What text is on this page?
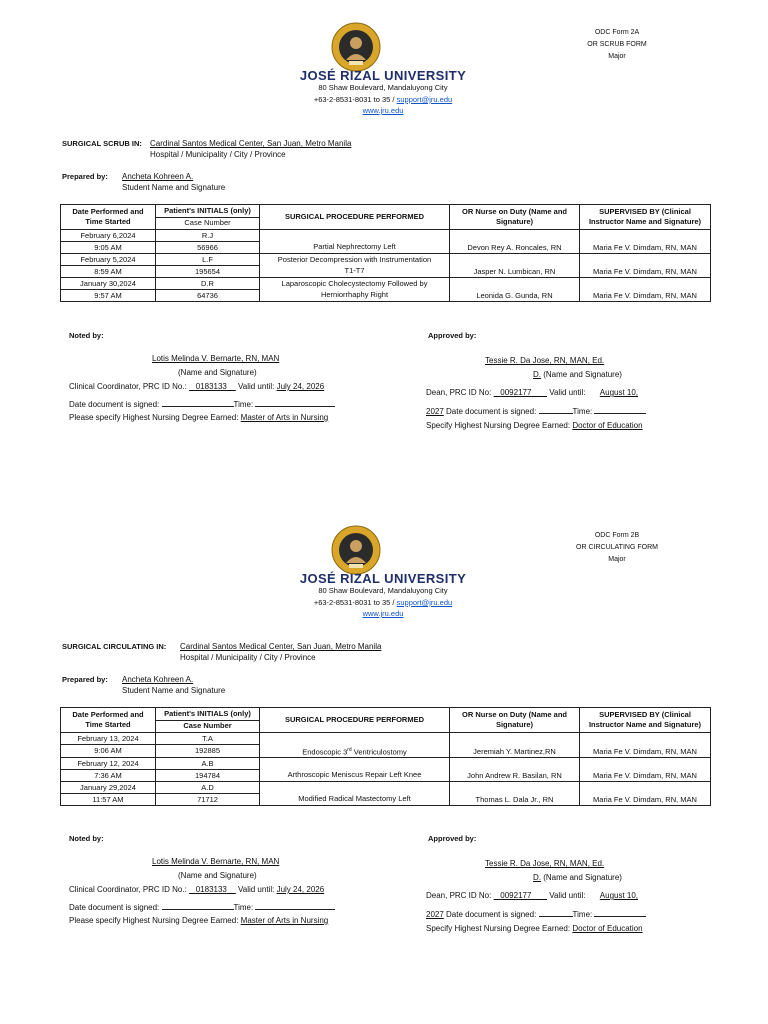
ODC Form 2A
OR SCRUB FORM
Major
JOSÉ RIZAL UNIVERSITY
80 Shaw Boulevard, Mandaluyong City
+63-2-8531-8031 to 35 / support@jru.edu
www.jru.edu
SURGICAL SCRUB IN: Cardinal Santos Medical Center, San Juan, Metro Manila
Hospital / Municipality / City / Province
Prepared by: Ancheta Kohreen A.
Student Name and Signature
Date Performed and Time Started	Patient's INITIALS (only)	SURGICAL PROCEDURE PERFORMED	OR Nurse on Duty (Name and Signature)	SUPERVISED BY (Clinical Instructor Name and Signature)
	Case Number			
February 6,2024	R.J		Devon Rey A. Roncales, RN	Maria Fe V. Dimdam, RN, MAN
9:05 AM	56966	Partial Nephrectomy Left		
February 5,2024	L.F	Posterior Decompression with Instrumentation	Jasper N. Lumbican, RN	Maria Fe V. Dimdam, RN, MAN
8:59 AM	195654	T1-T7		
January 30,2024	D.R	Laparoscopic Cholecystectomy Followed by	Leonida G. Gunda, RN	Maria Fe V. Dimdam, RN, MAN
9:57 AM	64736	Herniorrhaphy Right		
Noted by:
Lotis Melinda V. Bernarte, RN, MAN
(Name and Signature)
Clinical Coordinator, PRC ID No.: 0183133 Valid until: July 24, 2026
Date document is signed:	Time:
Please specify Highest Nursing Degree Earned: Master of Arts in Nursing
Approved by:
Tessie R. Da Jose, RN, MAN, Ed.
D. (Name and Signature)
Dean, PRC ID No: 0092177 Valid until: August 10,
2027 Date document is signed:	Time:
Specify Highest Nursing Degree Earned: Doctor of Education
ODC Form 2B
OR CIRCULATING FORM
Major
JOSÉ RIZAL UNIVERSITY
80 Shaw Boulevard, Mandaluyong City
+63-2-8531-8031 to 35 / support@jru.edu
www.jru.edu
SURGICAL CIRCULATING IN: Cardinal Santos Medical Center, San Juan, Metro Manila
Hospital / Municipality / City / Province
Prepared by: Ancheta Kohreen A.
Student Name and Signature
Date Performed and Time Started	Patient's INITIALS (only)	SURGICAL PROCEDURE PERFORMED	OR Nurse on Duty (Name and Signature)	SUPERVISED BY (Clinical Instructor Name and Signature)
	Case Number			
February 13, 2024	T.A		Jeremiah Y. Martinez,RN	Maria Fe V. Dimdam, RN, MAN
9:06 AM	192885	Endoscopic 3rd Ventriculostomy		
February 12, 2024	A.B		John Andrew R. Basilan, RN	Maria Fe V. Dimdam, RN, MAN
7:36 AM	194784	Arthroscopic Meniscus Repair Left Knee		
January 29,2024	A.D		Thomas L. Dala Jr., RN	Maria Fe V. Dimdam, RN, MAN
11:57 AM	71712	Modified Radical Mastectomy Left		
Noted by:
Lotis Melinda V. Bernarte, RN, MAN
(Name and Signature)
Clinical Coordinator, PRC ID No.: 0183133 Valid until: July 24, 2026
Date document is signed:	Time:
Please specify Highest Nursing Degree Earned: Master of Arts in Nursing
Approved by:
Tessie R. Da Jose, RN, MAN, Ed.
D. (Name and Signature)
Dean, PRC ID No: 0092177 Valid until: August 10,
2027 Date document is signed:	Time:
Specify Highest Nursing Degree Earned: Doctor of Education
